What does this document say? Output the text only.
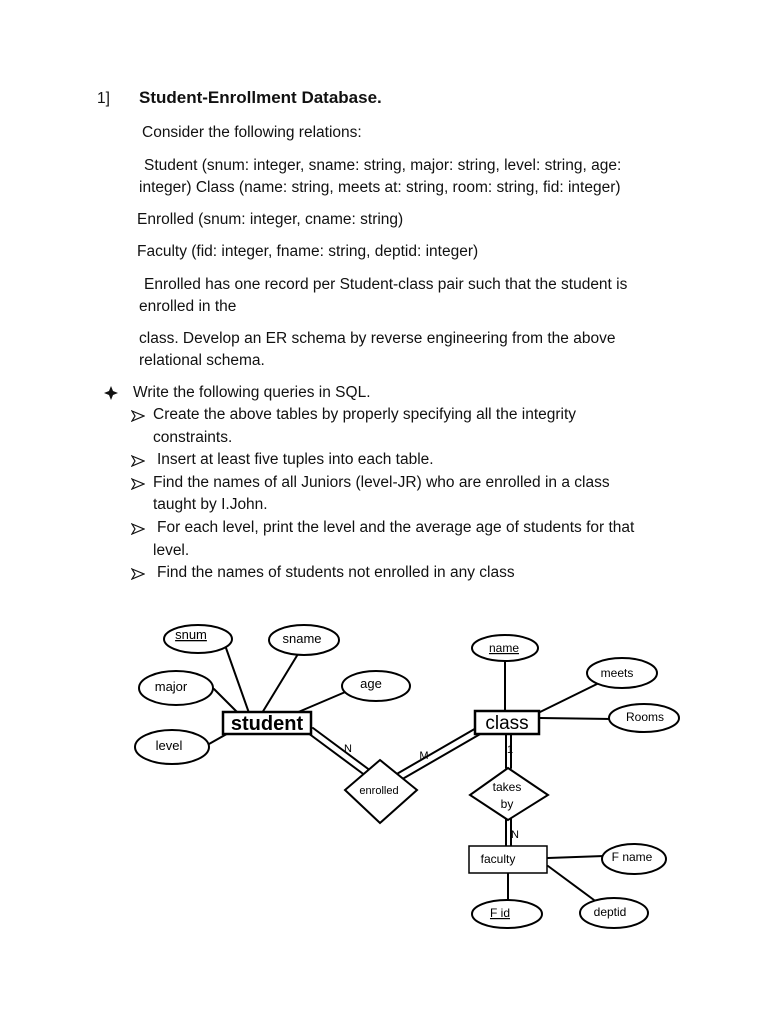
1] Student-Enrollment Database.
Consider the following relations:
Student (snum: integer, sname: string, major: string, level: string, age:
integer) Class (name: string, meets at: string, room: string, fid: integer)
Enrolled (snum: integer, cname: string)
Faculty (fid: integer, fname: string, deptid: integer)
Enrolled has one record per Student-class pair such that the student is
enrolled in the
class. Develop an ER schema by reverse engineering from the above
relational schema.
Write the following queries in SQL.
Create the above tables by properly specifying all the integrity
constraints.
Insert at least five tuples into each table.
Find the names of all Juniors (level-JR) who are enrolled in a class
taught by I.John.
For each level, print the level and the average age of students for that
level.
Find the names of students not enrolled in any class
student	class
faculty
enrolled	takes
by
snum	sname
major	age
level
name
meets
Rooms
F name
F id	deptid
N
M	1
N
